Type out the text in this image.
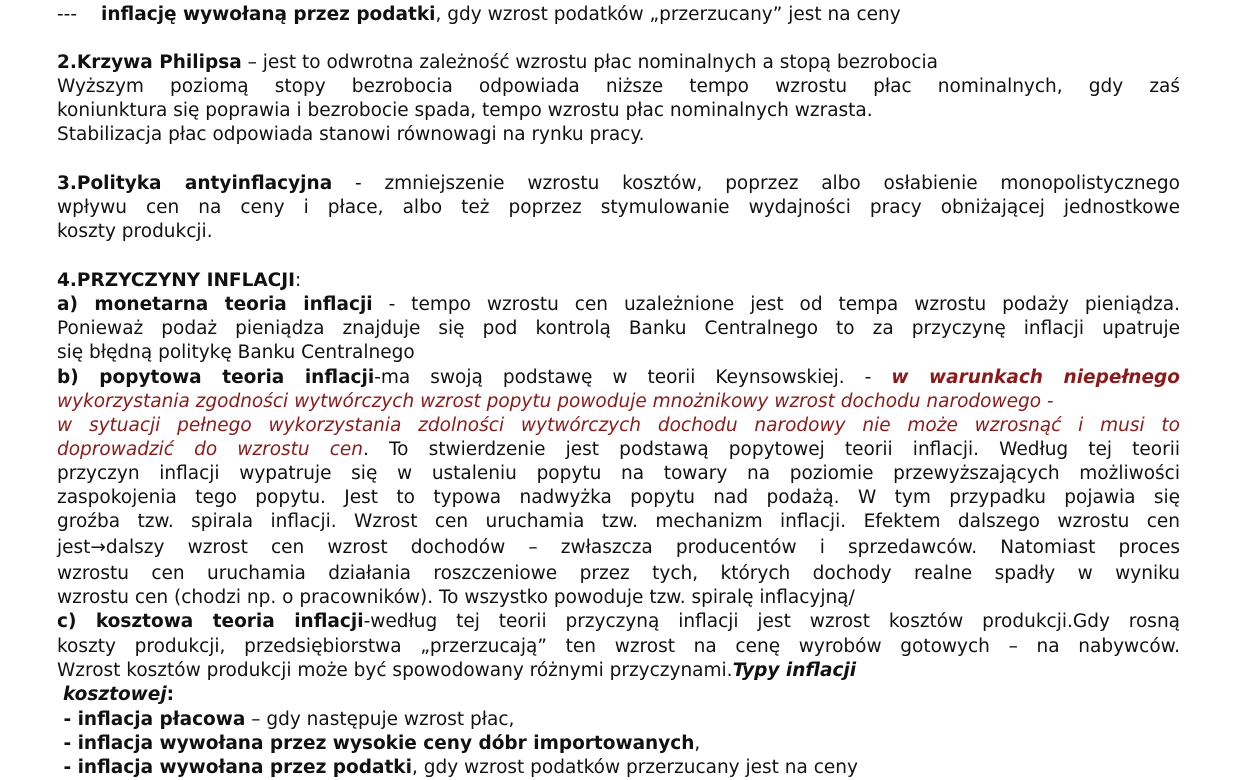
--- inflację wywołaną przez podatki, gdy wzrost podatków „przerzucany” jest na ceny
2.Krzywa Philipsa – jest to odwrotna zależność wzrostu płac nominalnych a stopą bezrobocia
Wyższym poziomą stopy bezrobocia odpowiada niższe tempo wzrostu płac nominalnych, gdy zaś
koniunktura się poprawia i bezrobocie spada, tempo wzrostu płac nominalnych wzrasta.
Stabilizacja płac odpowiada stanowi równowagi na rynku pracy.
3.Polityka antyinflacyjna - zmniejszenie wzrostu kosztów, poprzez albo osłabienie monopolistycznego
wpływu cen na ceny i płace, albo też poprzez stymulowanie wydajności pracy obniżającej jednostkowe
koszty produkcji.
4.PRZYCZYNY INFLACJI:
a) monetarna teoria inflacji - tempo wzrostu cen uzależnione jest od tempa wzrostu podaży pieniądza.
Ponieważ podaż pieniądza znajduje się pod kontrolą Banku Centralnego to za przyczynę inflacji upatruje
się błędną politykę Banku Centralnego
b) popytowa teoria inflacji-ma swoją podstawę w teorii Keynsowskiej. - w warunkach niepełnego
wykorzystania zgodności wytwórczych wzrost popytu powoduje mnożnikowy wzrost dochodu narodowego -
w sytuacji pełnego wykorzystania zdolności wytwórczych dochodu narodowy nie może wzrosnąć i musi to
doprowadzić do wzrostu cen. To stwierdzenie jest podstawą popytowej teorii inflacji. Według tej teorii
przyczyn inflacji wypatruje się w ustaleniu popytu na towary na poziomie przewyższających możliwości
zaspokojenia tego popytu. Jest to typowa nadwyżka popytu nad podażą. W tym przypadku pojawia się
groźba tzw. spirala inflacji. Wzrost cen uruchamia tzw. mechanizm inflacji. Efektem dalszego wzrostu cen
jest→dalszy wzrost cen wzrost dochodów – zwłaszcza producentów i sprzedawców. Natomiast proces
wzrostu cen uruchamia działania roszczeniowe przez tych, których dochody realne spadły w wyniku
wzrostu cen (chodzi np. o pracowników). To wszystko powoduje tzw. spiralę inflacyjną/
c) kosztowa teoria inflacji-według tej teorii przyczyną inflacji jest wzrost kosztów produkcji.Gdy rosną
koszty produkcji, przedsiębiorstwa „przerzucają” ten wzrost na cenę wyrobów gotowych – na nabywców.
Wzrost kosztów produkcji może być spowodowany różnymi przyczynami.Typy inflacji
kosztowej:
- inflacja płacowa – gdy następuje wzrost płac,
- inflacja wywołana przez wysokie ceny dóbr importowanych,
- inflacja wywołana przez podatki, gdy wzrost podatków przerzucany jest na ceny
